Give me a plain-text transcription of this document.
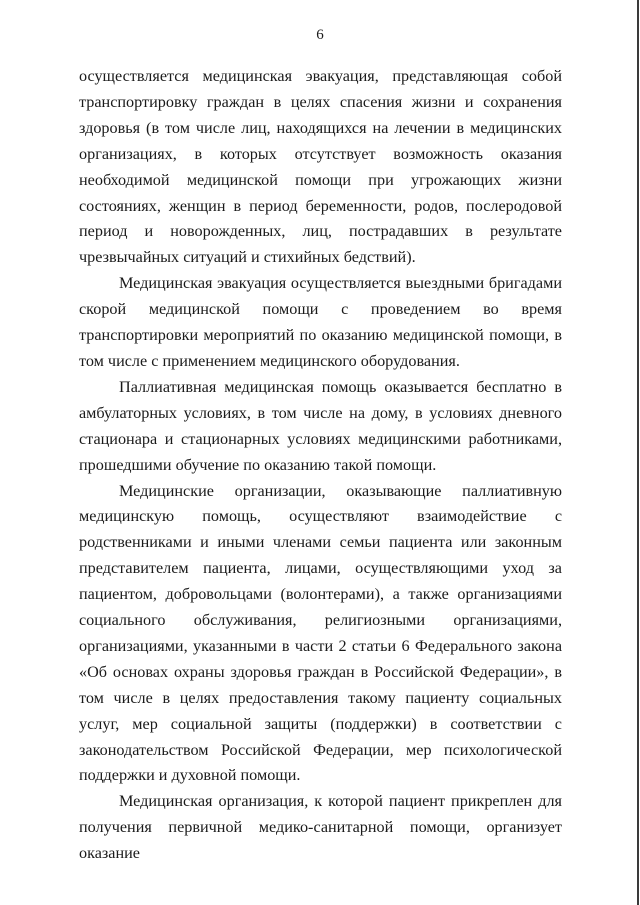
6

осуществляется медицинская эвакуация, представляющая собой транспортировку граждан в целях спасения жизни и сохранения здоровья (в том числе лиц, находящихся на лечении в медицинских организациях, в которых отсутствует возможность оказания необходимой медицинской помощи при угрожающих жизни состояниях, женщин в период беременности, родов, послеродовой период и новорожденных, лиц, пострадавших в результате чрезвычайных ситуаций и стихийных бедствий).

Медицинская эвакуация осуществляется выездными бригадами скорой медицинской помощи с проведением во время транспортировки мероприятий по оказанию медицинской помощи, в том числе с применением медицинского оборудования.

Паллиативная медицинская помощь оказывается бесплатно в амбулаторных условиях, в том числе на дому, в условиях дневного стационара и стационарных условиях медицинскими работниками, прошедшими обучение по оказанию такой помощи.

Медицинские организации, оказывающие паллиативную медицинскую помощь, осуществляют взаимодействие с родственниками и иными членами семьи пациента или законным представителем пациента, лицами, осуществляющими уход за пациентом, добровольцами (волонтерами), а также организациями социального обслуживания, религиозными организациями, организациями, указанными в части 2 статьи 6 Федерального закона «Об основах охраны здоровья граждан в Российской Федерации», в том числе в целях предоставления такому пациенту социальных услуг, мер социальной защиты (поддержки) в соответствии с законодательством Российской Федерации, мер психологической поддержки и духовной помощи.

Медицинская организация, к которой пациент прикреплен для получения первичной медико-санитарной помощи, организует оказание
